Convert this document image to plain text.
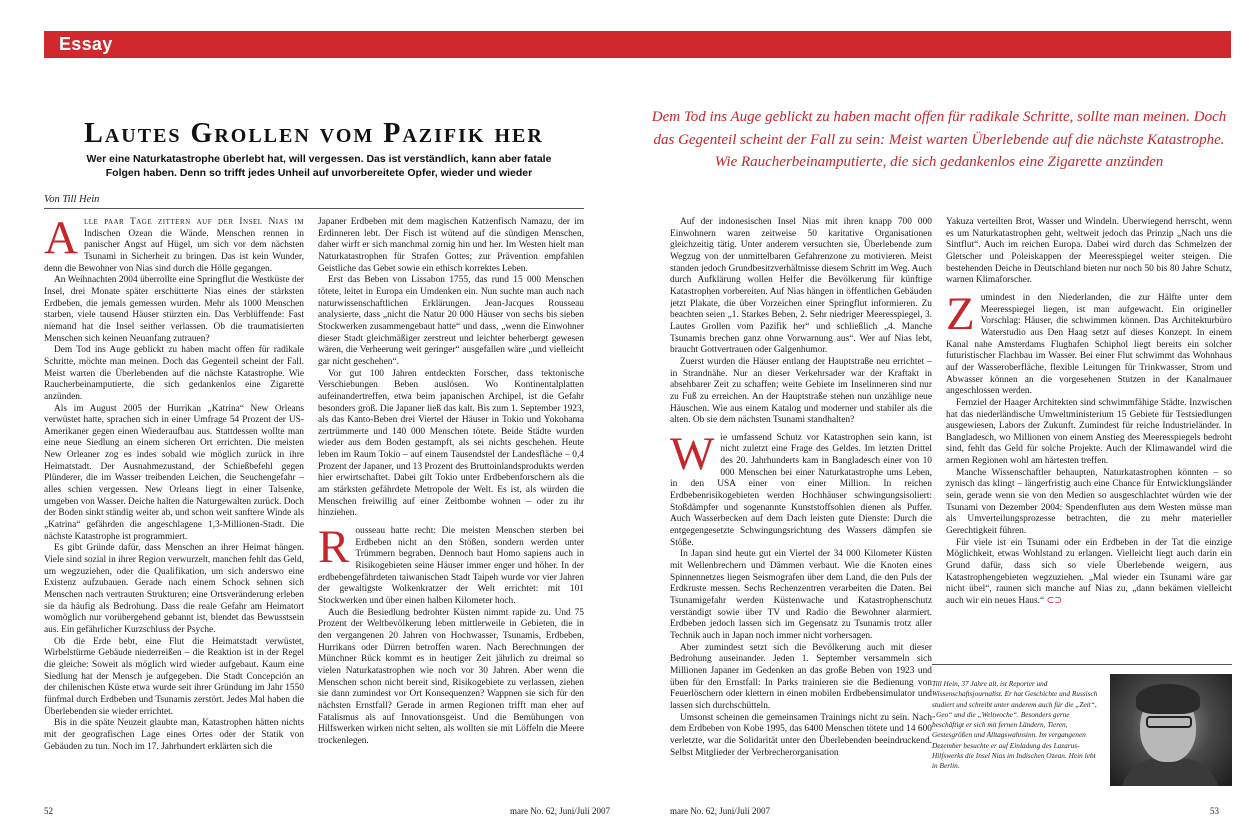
Essay
Lautes Grollen vom Pazifik her
Wer eine Naturkatastrophe überlebt hat, will vergessen. Das ist verständlich, kann aber fatale Folgen haben. Denn so trifft jedes Unheil auf unvorbereitete Opfer, wieder und wieder
Von Till Hein
Dem Tod ins Auge geblickt zu haben macht offen für radikale Schritte, sollte man meinen. Doch das Gegenteil scheint der Fall zu sein: Meist warten Überlebende auf die nächste Katastrophe. Wie Raucherbeinamputierte, die sich gedankenlos eine Zigarette anzünden

Alle paar Tage zittern auf der Insel Nias im Indischen Ozean die Wände. Menschen rennen in panischer Angst auf Hügel, um sich vor dem nächsten Tsunami in Sicherheit zu bringen. Das ist kein Wunder, denn die Bewohner von Nias sind durch die Hölle gegangen.

An Weihnachten 2004 überrollte eine Springflut die Westküste der Insel, drei Monate später erschütterte Nias eines der stärksten Erdbeben, die jemals gemessen wurden. Mehr als 1000 Menschen starben, viele tausend Häuser stürzten ein. Das Verblüffende: Fast niemand hat die Insel seither verlassen. Ob die traumatisierten Menschen sich keinen Neuanfang zutrauen?

Dem Tod ins Auge geblickt zu haben macht offen für radikale Schritte, möchte man meinen. Doch das Gegenteil scheint der Fall. Meist warten die Überlebenden auf die nächste Katastrophe. Wie Raucherbeinamputierte, die sich gedankenlos eine Zigarette anzünden.

Als im August 2005 der Hurrikan „Katrina“ New Orleans verwüstet hatte, sprachen sich in einer Umfrage 54 Prozent der US-Amerikaner gegen einen Wiederaufbau aus. Stattdessen wollte man eine neue Siedlung an einem sicheren Ort errichten. Die meisten New Orleaner zog es indes sobald wie möglich zurück in ihre Heimatstadt. Der Ausnahmezustand, der Schießbefehl gegen Plünderer, die im Wasser treibenden Leichen, die Seuchengefahr – alles schien vergessen. New Orleans liegt in einer Talsenke, umgeben von Wasser. Deiche halten die Naturgewalten zurück. Doch der Boden sinkt ständig weiter ab, und schon weit sanftere Winde als „Katrina“ gefährden die angeschlagene 1,3-Millionen-Stadt. Die nächste Katastrophe ist programmiert.

Es gibt Gründe dafür, dass Menschen an ihrer Heimat hängen. Viele sind sozial in ihrer Region verwurzelt, manchen fehlt das Geld, um wegzuziehen, oder die Qualifikation, um sich anderswo eine Existenz aufzubauen. Gerade nach einem Schock sehnen sich Menschen nach vertrauten Strukturen; eine Ortsveränderung erleben sie da häufig als Bedrohung. Dass die reale Gefahr am Heimatort womöglich nur vorübergehend gebannt ist, blendet das Bewusstsein aus. Ein gefährlicher Kurzschluss der Psyche.

Ob die Erde bebt, eine Flut die Heimatstadt verwüstet, Wirbelstürme Gebäude niederreißen – die Reaktion ist in der Regel die gleiche: Soweit als möglich wird wieder aufgebaut. Kaum eine Siedlung hat der Mensch je aufgegeben. Die Stadt Concepción an der chilenischen Küste etwa wurde seit ihrer Gründung im Jahr 1550 fünfmal durch Erdbeben und Tsunamis zerstört. Jedes Mal haben die Überlebenden sie wieder errichtet.

Bis in die späte Neuzeit glaubte man, Katastrophen hätten nichts mit der geografischen Lage eines Ortes oder der Statik von Gebäuden zu tun. Noch im 17. Jahrhundert erklärten sich die

Japaner Erdbeben mit dem magischen Katzenfisch Namazu, der im Erdinneren lebt. Der Fisch ist wütend auf die sündigen Menschen, daher wirft er sich manchmal zornig hin und her. Im Westen hielt man Naturkatastrophen für Strafen Gottes; zur Prävention empfahlen Geistliche das Gebet sowie ein ethisch korrektes Leben.

Erst das Beben von Lissabon 1755, das rund 15 000 Menschen tötete, leitet in Europa ein Umdenken ein. Nun suchte man auch nach naturwissenschaftlichen Erklärungen. Jean-Jacques Rousseau analysierte, dass „nicht die Natur 20 000 Häuser von sechs bis sieben Stockwerken zusammengebaut hatte“ und dass, „wenn die Einwohner dieser Stadt gleichmäßiger zerstreut und leichter beherbergt gewesen wären, die Verheerung weit geringer“ ausgefallen wäre „und vielleicht gar nicht geschehen“.

Vor gut 100 Jahren entdeckten Forscher, dass tektonische Verschiebungen Beben auslösen. Wo Kontinentalplatten aufeinandertreffen, etwa beim japanischen Archipel, ist die Gefahr besonders groß. Die Japaner ließ das kalt. Bis zum 1. September 1923, als das Kanto-Beben drei Viertel der Häuser in Tokio und Yokohama zertrümmerte und 140 000 Menschen tötete. Beide Städte wurden wieder aus dem Boden gestampft, als sei nichts geschehen. Heute leben im Raum Tokio – auf einem Tausendstel der Landesfläche – 0,4 Prozent der Japaner, und 13 Prozent des Bruttoinlandsprodukts werden hier erwirtschaftet. Dabei gilt Tokio unter Erdbebenforschern als die am stärksten gefährdete Metropole der Welt. Es ist, als würden die Menschen freiwillig auf einer Zeitbombe wohnen – oder zu ihr hinziehen.

Rousseau hatte recht: Die meisten Menschen sterben bei Erdbeben nicht an den Stößen, sondern werden unter Trümmern begraben. Dennoch baut Homo sapiens auch in Risikogebieten seine Häuser immer enger und höher. In der erdbebengefährdeten taiwanischen Stadt Taipeh wurde vor vier Jahren der gewaltigste Wolkenkratzer der Welt errichtet: mit 101 Stockwerken und über einen halben Kilometer hoch.

Auch die Besiedlung bedrohter Küsten nimmt rapide zu. Und 75 Prozent der Weltbevölkerung leben mittlerweile in Gebieten, die in den vergangenen 20 Jahren von Hochwasser, Tsunamis, Erdbeben, Hurrikans oder Dürren betroffen waren. Nach Berechnungen der Münchner Rück kommt es in heutiger Zeit jährlich zu dreimal so vielen Naturkatastrophen wie noch vor 30 Jahren. Aber wenn die Menschen schon nicht bereit sind, Risikogebiete zu verlassen, ziehen sie dann zumindest vor Ort Konsequenzen? Wappnen sie sich für den nächsten Ernstfall? Gerade in armen Regionen trifft man eher auf Fatalismus als auf Innovationsgeist. Und die Bemühungen von Hilfswerken wirken nicht selten, als wollten sie mit Löffeln die Meere trockenlegen.

Auf der indonesischen Insel Nias mit ihren knapp 700 000 Einwohnern waren zeitweise 50 karitative Organisationen gleichzeitig tätig. Unter anderem versuchten sie, Überlebende zum Wegzug von der unmittelbaren Gefahrenzone zu motivieren. Meist standen jedoch Grundbesitzverhältnisse diesem Schritt im Weg. Auch durch Aufklärung wollen Helfer die Bevölkerung für künftige Katastrophen vorbereiten. Auf Nias hängen in öffentlichen Gebäuden jetzt Plakate, die über Vorzeichen einer Springflut informieren. Zu beachten seien „1. Starkes Beben, 2. Sehr niedriger Meeresspiegel, 3. Lautes Grollen vom Pazifik her“ und schließlich „4. Manche Tsunamis brechen ganz ohne Vorwarnung aus“. Wer auf Nias lebt, braucht Gottvertrauen oder Galgenhumor.

Zuerst wurden die Häuser entlang der Hauptstraße neu errichtet – in Strandnähe. Nur an dieser Verkehrsader war der Kraftakt in absehbarer Zeit zu schaffen; weite Gebiete im Inselinneren sind nur zu Fuß zu erreichen. An der Hauptstraße stehen nun unzählige neue Häuschen. Wie aus einem Katalog und moderner und stabiler als die alten. Ob sie dem nächsten Tsunami standhalten?

Wie umfassend Schutz vor Katastrophen sein kann, ist nicht zuletzt eine Frage des Geldes. Im letzten Drittel des 20. Jahrhunderts kam in Bangladesch einer von 10 000 Menschen bei einer Naturkatastrophe ums Leben, in den USA einer von einer Million. In reichen Erdbebenrisikogebieten werden Hochhäuser schwingungsisoliert: Stoßdämpfer und sogenannte Kunststoffsohlen dienen als Puffer. Auch Wasserbecken auf dem Dach leisten gute Dienste: Durch die entgegengesetzte Schwingungsrichtung des Wassers dämpfen sie Stöße.

In Japan sind heute gut ein Viertel der 34 000 Kilometer Küsten mit Wellenbrechern und Dämmen verbaut. Wie die Knoten eines Spinnennetzes liegen Seismografen über dem Land, die den Puls der Erdkruste messen. Sechs Rechenzentren verarbeiten die Daten. Bei Tsunamigefahr werden Küstenwache und Katastrophenschutz verständigt sowie über TV und Radio die Bewohner alarmiert. Erdbeben jedoch lassen sich im Gegensatz zu Tsunamis trotz aller Technik auch in Japan noch immer nicht vorhersagen.

Aber zumindest setzt sich die Bevölkerung auch mit dieser Bedrohung auseinander. Jeden 1. September versammeln sich Millionen Japaner im Gedenken an das große Beben von 1923 und üben für den Ernstfall: In Parks trainieren sie die Bedienung von Feuerlöschern oder klettern in einen mobilen Erdbebensimulator und lassen sich durchschütteln.

Umsonst scheinen die gemeinsamen Trainings nicht zu sein. Nach dem Erdbeben von Kobe 1995, das 6400 Menschen tötete und 14 600 verletzte, war die Solidarität unter den Überlebenden beeindruckend. Selbst Mitglieder der Verbrecherorganisation

Yakuza verteilten Brot, Wasser und Windeln. Überwiegend herrscht, wenn es um Naturkatastrophen geht, weltweit jedoch das Prinzip „Nach uns die Sintflut“. Auch im reichen Europa. Dabei wird durch das Schmelzen der Gletscher und Poleiskappen der Meeresspiegel weiter steigen. Die bestehenden Deiche in Deutschland bieten nur noch 50 bis 80 Jahre Schutz, warnen Klimaforscher.

Zumindest in den Niederlanden, die zur Hälfte unter dem Meeresspiegel liegen, ist man aufgewacht. Ein origineller Vorschlag: Häuser, die schwimmen können. Das Architekturbüro Waterstudio aus Den Haag setzt auf dieses Konzept. In einem Kanal nahe Amsterdams Flughafen Schiphol liegt bereits ein solcher futuristischer Flachbau im Wasser. Bei einer Flut schwimmt das Wohnhaus auf der Wasseroberfläche, flexible Leitungen für Trinkwasser, Strom und Abwasser können an die vorgesehenen Stutzen in der Kanalmauer angeschlossen werden.

Fernziel der Haager Architekten sind schwimmfähige Städte. Inzwischen hat das niederländische Umweltministerium 15 Gebiete für Testsiedlungen ausgewiesen, Labors der Zukunft. Zumindest für reiche Industrieländer. In Bangladesch, wo Millionen von einem Anstieg des Meeresspiegels bedroht sind, fehlt das Geld für solche Projekte. Auch der Klimawandel wird die armen Regionen wohl am härtesten treffen.

Manche Wissenschaftler behaupten, Naturkatastrophen könnten – so zynisch das klingt – längerfristig auch eine Chance für Entwicklungsländer sein, gerade wenn sie von den Medien so ausgeschlachtet würden wie der Tsunami von Dezember 2004: Spendenfluten aus dem Westen müsse man als Umverteilungsprozesse betrachten, die zu mehr materieller Gerechtigkeit führen.

Für viele ist ein Tsunami oder ein Erdbeben in der Tat die einzige Möglichkeit, etwas Wohlstand zu erlangen. Vielleicht liegt auch darin ein Grund dafür, dass sich so viele Überlebende weigern, aus Katastrophengebieten wegzuziehen. „Mal wieder ein Tsunami wäre gar nicht übel“, raunen sich manche auf Nias zu, „dann bekämen vielleicht auch wir ein neues Haus.“ ⊂⊃

Till Hein, 37 Jahre alt, ist Reporter und Wissenschaftsjournalist. Er hat Geschichte und Russisch studiert und schreibt unter anderem auch für die „Zeit“, „Geo“ und die „Weltwoche“. Besonders gerne beschäftigt er sich mit fernen Ländern, Tieren, Gestesgrößen und Alltagswahnsinn. Im vergangenen Dezember besuchte er auf Einladung des Lazarus-Hilfswerks die Insel Nias im Indischen Ozean. Hein lebt in Berlin.
52	mare No. 62, Juni/Juli 2007	mare No. 62, Juni/Juli 2007	53
